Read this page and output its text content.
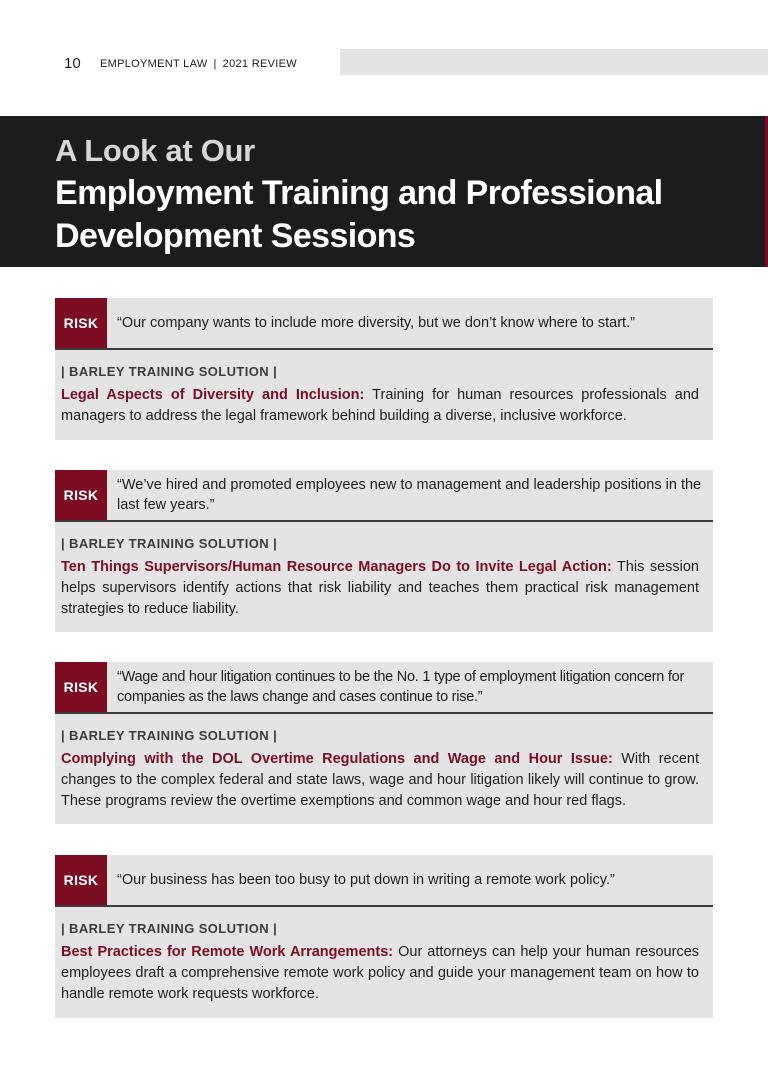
10 EMPLOYMENT LAW | 2021 REVIEW
A Look at Our
Employment Training and Professional Development Sessions
RISK	“Our company wants to include more diversity, but we don’t know where to start.”
| BARLEY TRAINING SOLUTION |
Legal Aspects of Diversity and Inclusion: Training for human resources professionals and managers to address the legal framework behind building a diverse, inclusive workforce.
RISK
“We’ve hired and promoted employees new to management and leadership positions in the last few years.”
| BARLEY TRAINING SOLUTION |
Ten Things Supervisors/Human Resource Managers Do to Invite Legal Action: This session helps supervisors identify actions that risk liability and teaches them practical risk management strategies to reduce liability.
RISK
“Wage and hour litigation continues to be the No. 1 type of employment litigation concern for companies as the laws change and cases continue to rise.”
| BARLEY TRAINING SOLUTION |
Complying with the DOL Overtime Regulations and Wage and Hour Issue: With recent changes to the complex federal and state laws, wage and hour litigation likely will continue to grow. These programs review the overtime exemptions and common wage and hour red flags.
RISK	“Our business has been too busy to put down in writing a remote work policy.”
| BARLEY TRAINING SOLUTION |
Best Practices for Remote Work Arrangements: Our attorneys can help your human resources employees draft a comprehensive remote work policy and guide your management team on how to handle remote work requests workforce.
